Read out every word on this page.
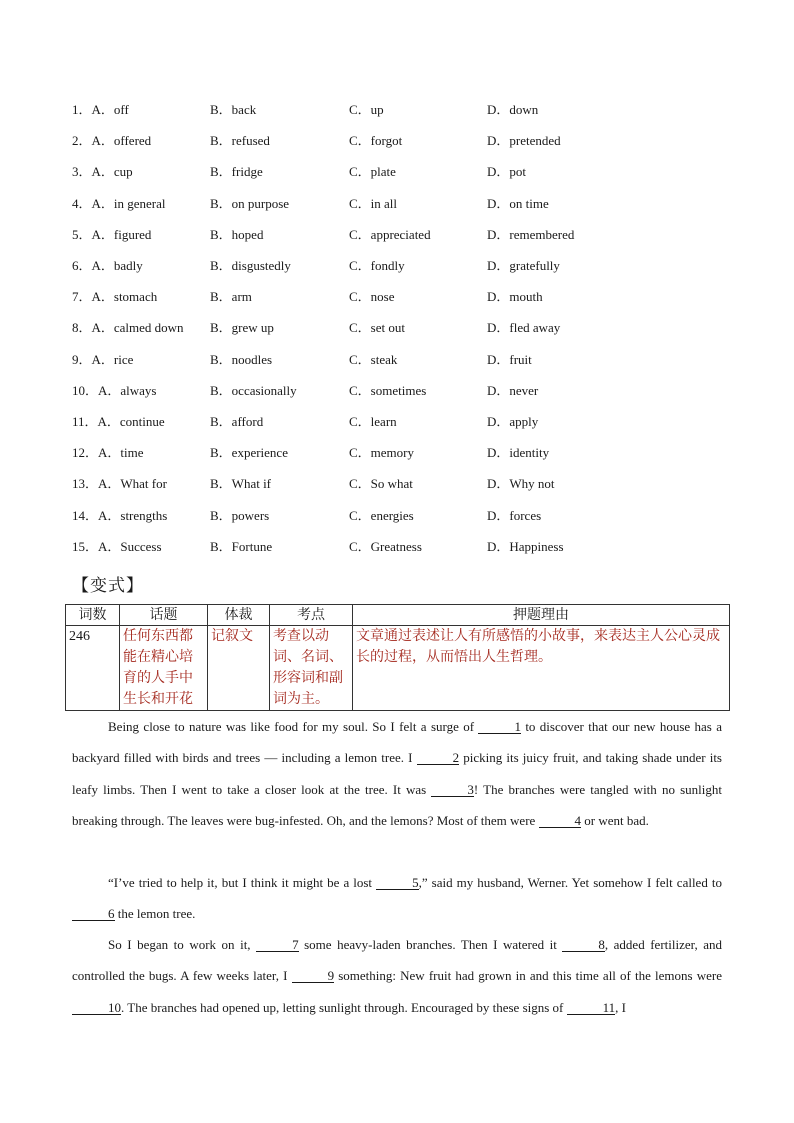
1．A．off	B．back	C．up	D．down
2．A．offered	B．refused	C．forgot	D．pretended
3．A．cup	B．fridge	C．plate	D．pot
4．A．in general	B．on purpose	C．in all	D．on time
5．A．figured	B．hoped	C．appreciated	D．remembered
6．A．badly	B．disgustedly	C．fondly	D．gratefully
7．A．stomach	B．arm	C．nose	D．mouth
8．A．calmed down B．grew up	C．set out	D．fled away
9．A．rice	B．noodles	C．steak	D．fruit
10．A．always	B．occasionally	C．sometimes	D．never
11．A．continue	B．afford	C．learn	D．apply
12．A．time	B．experience	C．memory	D．identity
13．A．What for	B．What if	C．So what	D．Why not
14．A．strengths	B．powers	C．energies	D．forces
15．A．Success	B．Fortune	C．Greatness	D．Happiness
【变式】
词数	话题	体裁	考点	押题理由
246	任何东西都能在精心培育的人手中生长和开花	记叙文	考查以动词、名词、形容词和副词为主。	文章通过表述让人有所感悟的小故事，来表达主人公心灵成长的过程，从而悟出人生哲理。
Being close to nature was like food for my soul. So I felt a surge of	1 to discover that our new house has a backyard filled with birds and trees — including a lemon tree. I	2 picking its juicy fruit, and taking shade under its leafy limbs. Then I went to take a closer look at the tree. It was	3! The branches were tangled with no sunlight breaking through. The leaves were bug-infested. Oh, and the lemons? Most of them were	4 or went bad.
“I’ve tried to help it, but I think it might be a lost	5,” said my husband, Werner. Yet somehow I felt called to 6 the lemon tree.
So I began to work on it,	7 some heavy-laden branches. Then I watered it	8, added fertilizer, and controlled the bugs. A few weeks later, I	9 something: New fruit had grown in and this time all of the lemons were 10. The branches had opened up, letting sunlight through. Encouraged by these signs of	11, I
